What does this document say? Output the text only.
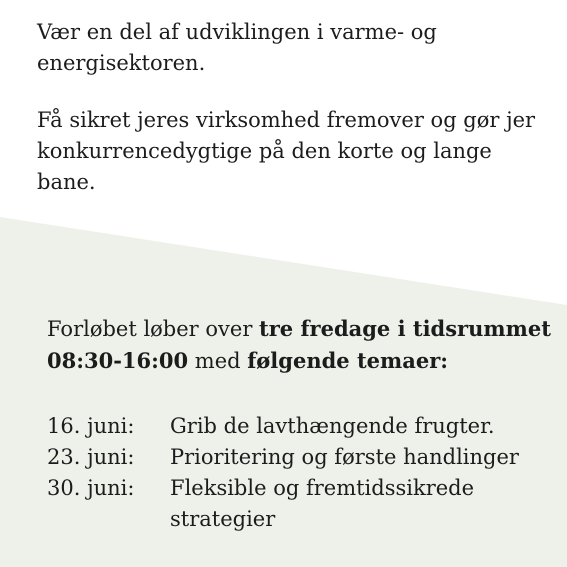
Vær en del af udviklingen i varme- og energisektoren.

Få sikret jeres virksomhed fremover og gør jer konkurrencedygtige på den korte og lange bane.

Forløbet løber over tre fredage i tidsrummet 08:30-16:00 med følgende temaer:

16. juni:	Grib de lavthængende frugter.
23. juni:	Prioritering og første handlinger
30. juni:	Fleksible og fremtidssikrede strategier
